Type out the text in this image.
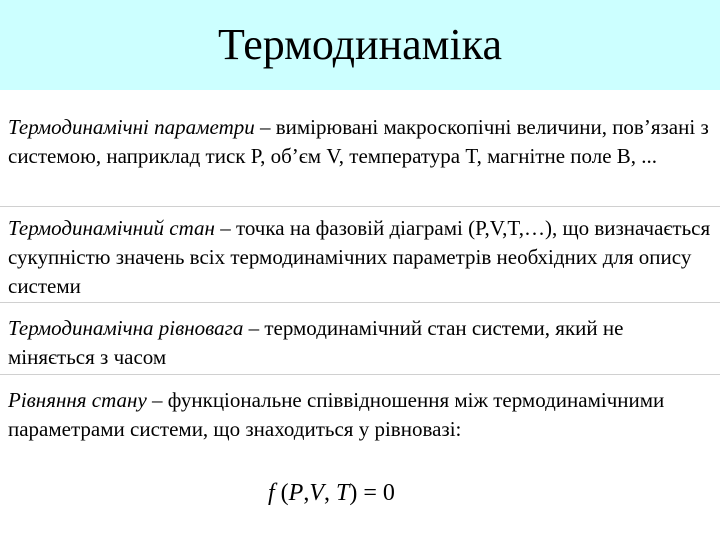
Термодинаміка

Термодинамічні параметри – вимірювані макроскопічні величини, пов’язані з системою, наприклад тиск P, об’єм V, температура T, магнітне поле B, ...

Термодинамічний стан – точка на фазовій діаграмі (P,V,T,…), що визначається сукупністю значень всіх термодинамічних параметрів необхідних для опису системи

Термодинамічна рівновага – термодинамічний стан системи, який не міняється з часом

Рівняння стану – функціональне співвідношення між термодинамічними параметрами системи, що знаходиться у рівновазі:

f (P,V, T) = 0
